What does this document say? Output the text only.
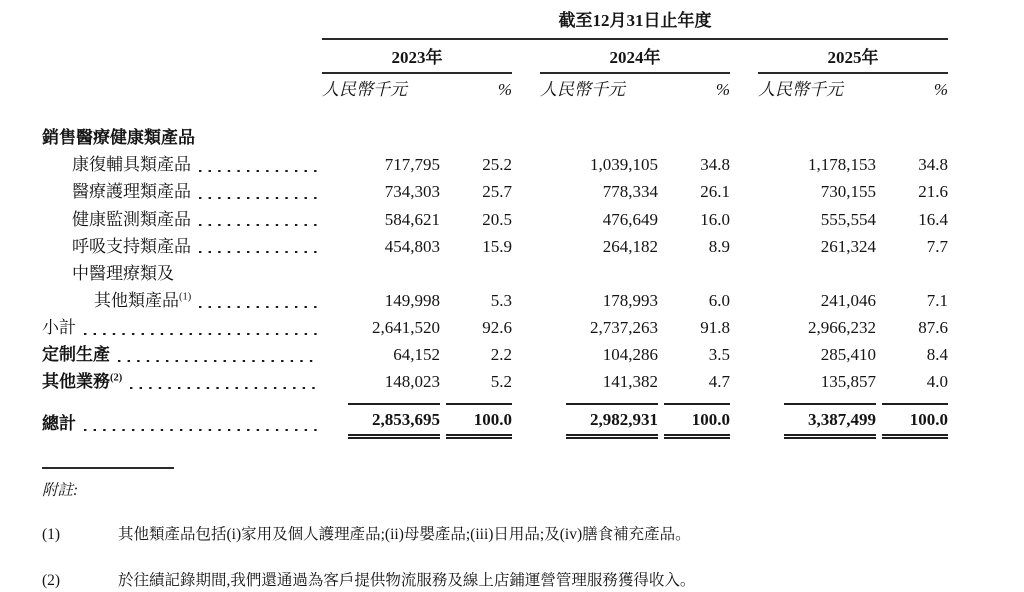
	截至12月31日止年度							
	2023年			2024年			2025年	
	人民幣千元	%		人民幣千元	%		人民幣千元	%

銷售醫療健康類產品								

康復輔具類產品	717,795	25.2		1,039,105	34.8		1,178,153	34.8

醫療護理類產品	734,303	25.7		778,334	26.1		730,155	21.6

健康監測類產品	584,621	20.5		476,649	16.0		555,554	16.4

呼吸支持類產品	454,803	15.9		264,182	8.9		261,324	7.7

中醫理療類及								

其他類產品$^{(1)}$	149,998	5.3		178,993	6.0		241,046	7.1

小計	2,641,520	92.6		2,737,263	91.8		2,966,232	87.6

定制生產	64,152	2.2		104,286	3.5		285,410	8.4

其他業務$^{(2)}$	148,023	5.2		141,382	4.7		135,857	4.0

總計	2,853,695	100.0		2,982,931	100.0		3,387,499	100.0
附註:
(1)	其他類產品包括(i)家用及個人護理產品;(ii)母嬰產品;(iii)日用品;及(iv)膳食補充產品。
(2)	於往績記錄期間,我們還通過為客戶提供物流服務及線上店鋪運營管理服務獲得收入。
